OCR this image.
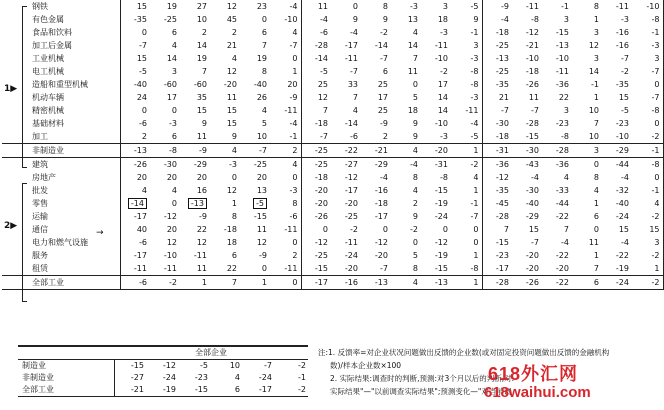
	钢铁	15	19	27	12	23	-4	11	0	8	-3	3	-5	-9	-11	-1	8	-11	-10
	有色金属	-35	-25	10	45	0	-10	-4	9	9	13	18	9	-4	-8	3	1	-3	-8
	食品和饮料	0	6	2	2	6	4	-6	-4	-2	4	-3	-1	-18	-12	-15	3	-16	-1
	加工后金属	-7	4	14	21	7	-7	-28	-17	-14	14	-11	3	-25	-21	-13	12	-16	-3
	工业机械	15	14	19	4	19	0	-14	-11	-7	7	-10	-3	-13	-10	-10	3	-7	3
	电工机械	-5	3	7	12	8	1	-5	-7	6	11	-2	-8	-25	-18	-11	14	-2	-7
	造船和重型机械	-40	-60	-60	-20	-40	20	25	33	25	0	17	-8	-35	-26	-36	-1	-35	0
	机动车辆	24	17	35	11	26	-9	12	7	17	5	14	-3	21	11	22	1	15	-7
	精密机械	0	0	15	15	4	-11	7	4	25	18	14	-11	-7	-7	3	10	-5	-8
	基础材料	-6	-3	9	15	5	-4	-18	-14	-9	9	-10	-4	-30	-28	-23	7	-23	0
	加工	2	6	11	9	10	-1	-7	-6	2	9	-3	-5	-18	-15	-8	10	-10	-2
	非制造业	-13	-8	-9	4	-7	2	-25	-22	-21	4	-20	1	-31	-30	-28	3	-29	-1
	建筑	-26	-30	-29	-3	-25	4	-25	-27	-29	-4	-31	-2	-36	-43	-36	0	-44	-8
	房地产	20	20	20	0	20	0	-18	-12	-4	8	-8	4	-12	-4	4	8	-4	0
	批发	4	4	16	12	13	-3	-20	-17	-16	4	-15	1	-35	-30	-33	4	-32	-1
	零售	-14	0	-13	1	-5	8	-20	-20	-18	2	-19	-1	-45	-40	-44	1	-40	4
	运输	-17	-12	-9	8	-15	-6	-26	-25	-17	9	-24	-7	-28	-29	-22	6	-24	-2
	通信	40	20	22	-18	11	-11	0	-2	0	-2	0	0	7	15	7	0	15	15
	电力和燃气设施	-6	12	12	18	12	0	-12	-11	-12	0	-12	0	-15	-7	-4	11	-4	3
	服务	-17	-10	-11	6	-9	2	-25	-24	-20	5	-19	1	-23	-20	-22	1	-22	-2
	租赁	-11	-11	11	22	0	-11	-15	-20	-7	8	-15	-8	-17	-20	-20	7	-19	1
	全部工业	-6	-2	1	7	1	0	-17	-16	-13	4	-13	1	-28	-26	-22	6	-24	-2
1▶
2▶
→
	全部企业					
制造业	-15	-12	-5	10	-7	-2
非制造业	-27	-24	-23	4	-24	-1
全部工业	-21	-19	-15	6	-17	-2

注:1. 反馈率=对企业状况问题做出反馈的企业数(或对固定投资问题做出反馈的金融机构

数)/样本企业数×100

2. 实际结果:调查时的判断,预测:对3个月以后的判断,对:

实际结果"—"以前调查实际结果";预测变化—"对当前调

618外汇网
618waihui.com
